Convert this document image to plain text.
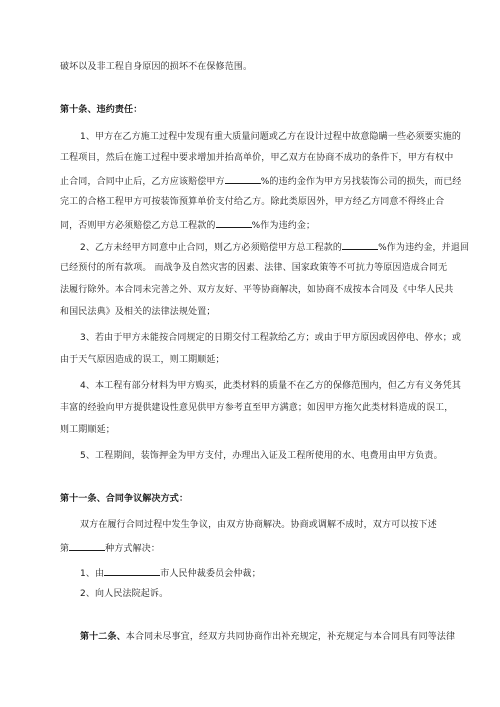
破坏以及非工程自身原因的损坏不在保修范围。
第十条、违约责任：
1、甲方在乙方施工过程中发现有重大质量问题或乙方在设计过程中故意隐瞒一些必须要实施的
工程项目，然后在施工过程中要求增加并抬高单价，甲乙双方在协商不成功的条件下，甲方有权中
止合同，合同中止后，乙方应该赔偿甲方	%的违约金作为甲方另找装饰公司的损失，而已经
完工的合格工程甲方可按装饰预算单价支付给乙方。除此类原因外，甲方经乙方同意不得终止合
同，否则甲方必须赔偿乙方总工程款的	%作为违约金；
2、乙方未经甲方同意中止合同，则乙方必须赔偿甲方总工程款的	%作为违约金，并退回
已经预付的所有款项。 而战争及自然灾害的因素、法律、国家政策等不可抗力等原因造成合同无
法履行除外。本合同未完善之外、双方友好、平等协商解决，如协商不成按本合同及《中华人民共
和国民法典》及相关的法律法规处置；
3、若由于甲方未能按合同规定的日期交付工程款给乙方；或由于甲方原因或因停电、停水；或
由于天气原因造成的误工，则工期顺延；
4、本工程有部分材料为甲方购买，此类材料的质量不在乙方的保修范围内，但乙方有义务凭其
丰富的经验向甲方提供建设性意见供甲方参考直至甲方满意；如因甲方拖欠此类材料造成的误工，
则工期顺延；
5、工程期间，装饰押金为甲方支付，办理出入证及工程所使用的水、电费用由甲方负责。
第十一条、合同争议解决方式：
双方在履行合同过程中发生争议，由双方协商解决。协商或调解不成时，双方可以按下述
第	种方式解决：
1、由	市人民仲裁委员会仲裁；
2、向人民法院起诉。
第十二条、本合同未尽事宜，经双方共同协商作出补充规定，补充规定与本合同具有同等法律
